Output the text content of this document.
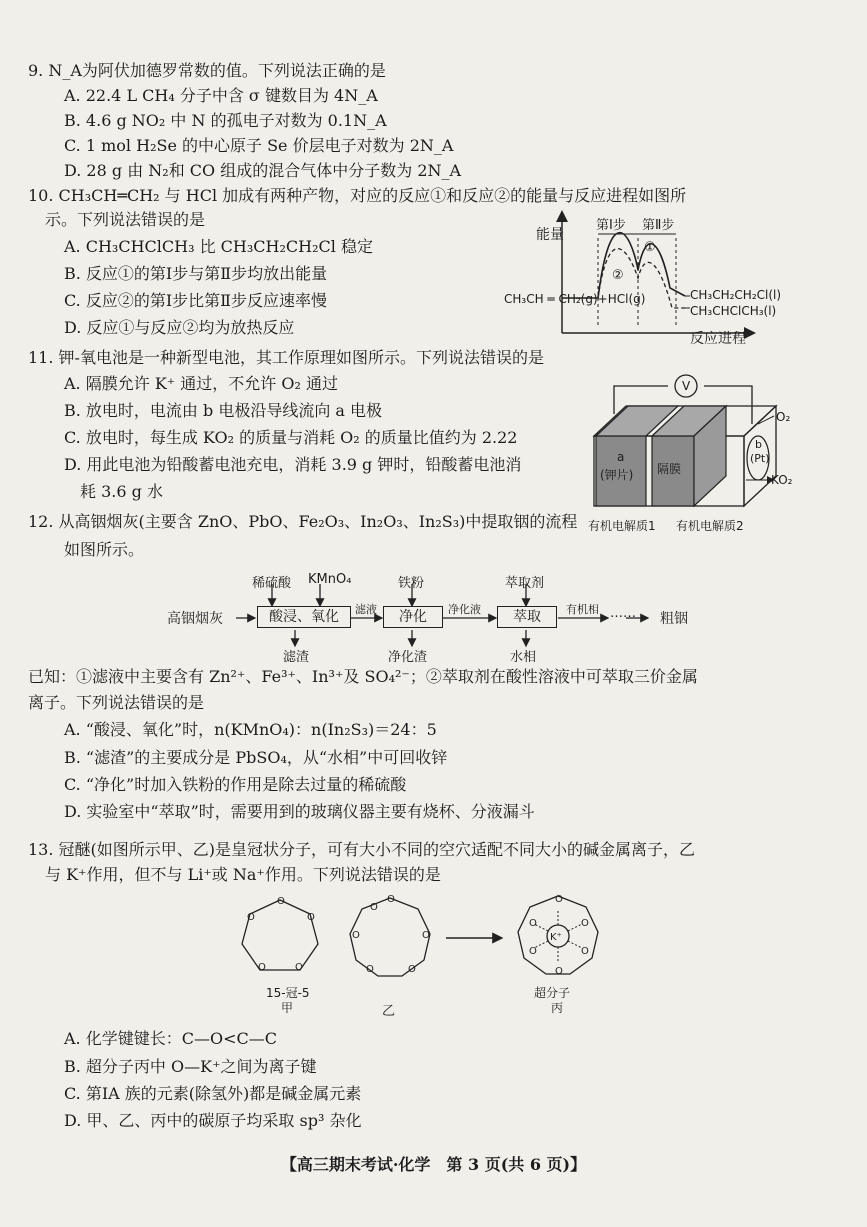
9. N_A为阿伏加德罗常数的值。下列说法正确的是
A. 22.4 L CH₄ 分子中含 σ 键数目为 4N_A
B. 4.6 g NO₂ 中 N 的孤电子对数为 0.1N_A
C. 1 mol H₂Se 的中心原子 Se 价层电子对数为 2N_A
D. 28 g 由 N₂和 CO 组成的混合气体中分子数为 2N_A
10. CH₃CH═CH₂ 与 HCl 加成有两种产物，对应的反应①和反应②的能量与反应进程如图所
示。下列说法错误的是
A. CH₃CHClCH₃ 比 CH₃CH₂CH₂Cl 稳定
B. 反应①的第Ⅰ步与第Ⅱ步均放出能量
C. 反应②的第Ⅰ步比第Ⅱ步反应速率慢
D. 反应①与反应②均为放热反应
能量
第Ⅰ步 第Ⅱ步
①
②
CH₃CH ═ CH₂(g)+HCl(g)	CH₃CH₂CH₂Cl(l)
CH₃CHClCH₃(l)
反应进程
11. 钾-氧电池是一种新型电池，其工作原理如图所示。下列说法错误的是
A. 隔膜允许 K⁺ 通过，不允许 O₂ 通过
B. 放电时，电流由 b 电极沿导线流向 a 电极
C. 放电时，每生成 KO₂ 的质量与消耗 O₂ 的质量比值约为 2.22
D. 用此电池为铅酸蓄电池充电，消耗 3.9 g 钾时，铅酸蓄电池消
耗 3.6 g 水
V
O₂
KO₂
a
(钾片) 隔膜
b
(Pt)
有机电解质1 有机电解质2
12. 从高铟烟灰(主要含 ZnO、PbO、Fe₂O₃、In₂O₃、In₂S₃)中提取铟的流程
如图所示。
高铟烟灰
稀硫酸 KMnO₄
酸浸、氧化
滤渣
滤液
铁粉
净化
净化渣
净化液
萃取剂
萃取
水相
有机相 …… 粗铟
已知：①滤液中主要含有 Zn²⁺、Fe³⁺、In³⁺及 SO₄²⁻；②萃取剂在酸性溶液中可萃取三价金属
离子。下列说法错误的是
A. “酸浸、氧化”时，n(KMnO₄)：n(In₂S₃)＝24：5
B. “滤渣”的主要成分是 PbSO₄，从“水相”中可回收锌
C. “净化”时加入铁粉的作用是除去过量的稀硫酸
D. 实验室中“萃取”时，需要用到的玻璃仪器主要有烧杯、分液漏斗
13. 冠醚(如图所示甲、乙)是皇冠状分子，可有大小不同的空穴适配不同大小的碱金属离子，乙
与 K⁺作用，但不与 Li⁺或 Na⁺作用。下列说法错误的是
O
O
O
O
O
O
O
O
O
O
O
O
O
O	O
O	O
K⁺
15-冠-5
甲	乙
超分子
丙
A. 化学键键长：C—O<C—C
B. 超分子丙中 O—K⁺之间为离子键
C. 第ⅠA 族的元素(除氢外)都是碱金属元素
D. 甲、乙、丙中的碳原子均采取 sp³ 杂化
【高三期末考试·化学　第 3 页(共 6 页)】
